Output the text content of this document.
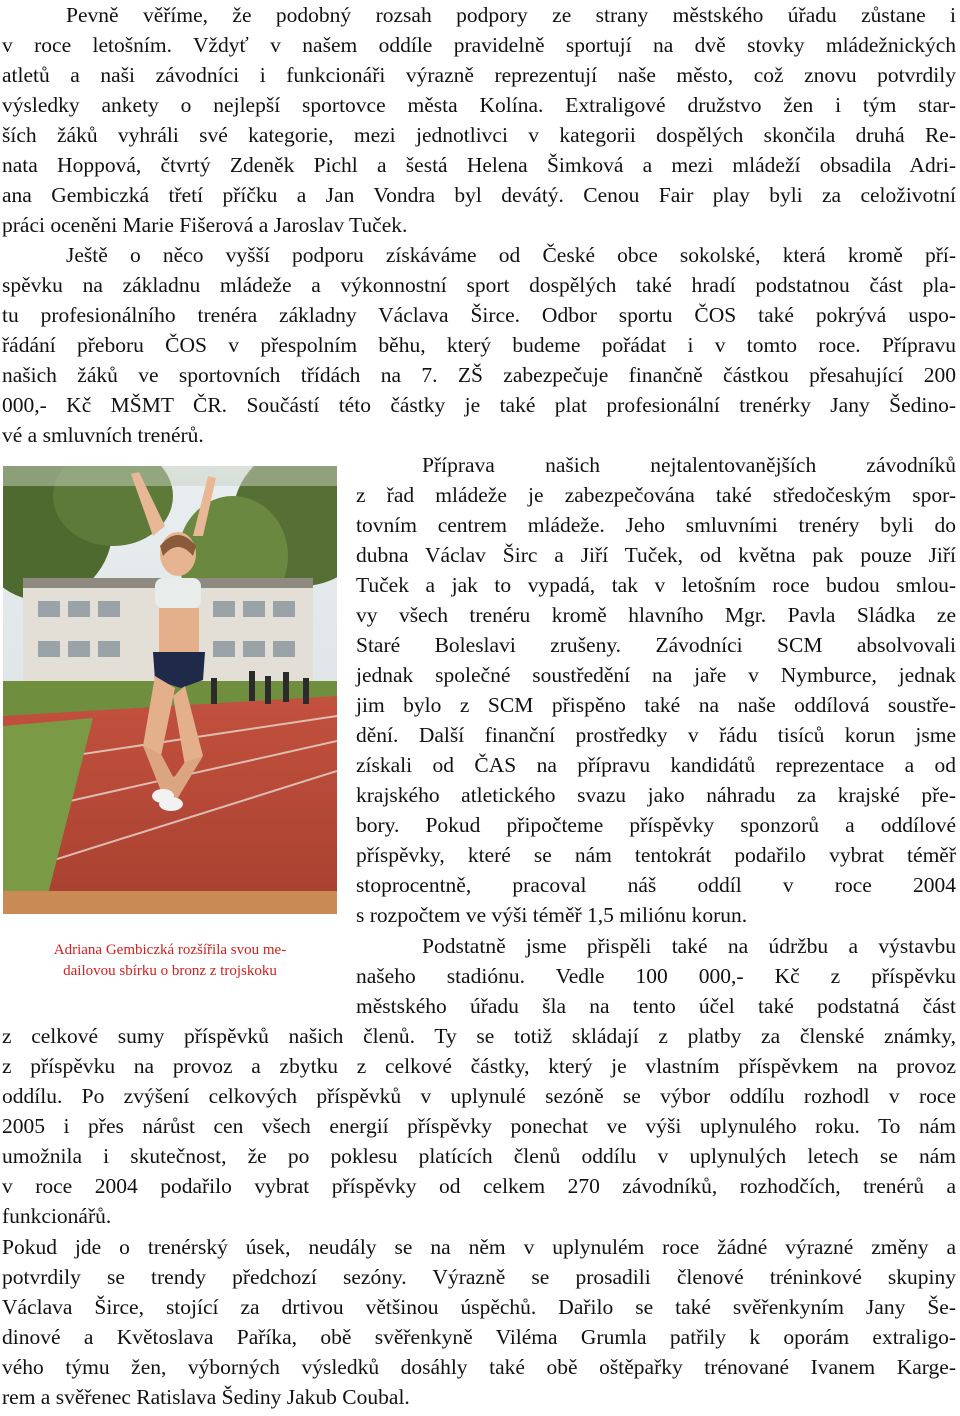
Pevně věříme, že podobný rozsah podpory ze strany městského úřadu zůstane i
v roce letošním. Vždyť v našem oddíle pravidelně sportují na dvě stovky mládežnických
atletů a naši závodníci i funkcionáři výrazně reprezentují naše město, což znovu potvrdily
výsledky ankety o nejlepší sportovce města Kolína. Extraligové družstvo žen i tým star-
ších žáků vyhráli své kategorie, mezi jednotlivci v kategorii dospělých skončila druhá Re-
nata Hoppová, čtvrtý Zdeněk Pichl a šestá Helena Šimková a mezi mládeží obsadila Adri-
ana Gembiczká třetí příčku a Jan Vondra byl devátý. Cenou Fair play byli za celoživotní
práci oceněni Marie Fišerová a Jaroslav Tuček.
Ještě o něco vyšší podporu získáváme od České obce sokolské, která kromě pří-
spěvku na základnu mládeže a výkonnostní sport dospělých také hradí podstatnou část pla-
tu profesionálního trenéra základny Václava Širce. Odbor sportu ČOS také pokrývá uspo-
řádání přeboru ČOS v přespolním běhu, který budeme pořádat i v tomto roce. Přípravu
našich žáků ve sportovních třídách na 7. ZŠ zabezpečuje finančně částkou přesahující 200
000,- Kč MŠMT ČR. Součástí této částky je také plat profesionální trenérky Jany Šedino-
vé a smluvních trenérů.
Adriana Gembiczká rozšířila svou me-
dailovou sbírku o bronz z trojskoku
Příprava našich nejtalentovanějších závodníků
z řad mládeže je zabezpečována také středočeským spor-
tovním centrem mládeže. Jeho smluvními trenéry byli do
dubna Václav Širc a Jiří Tuček, od května pak pouze Jiří
Tuček a jak to vypadá, tak v letošním roce budou smlou-
vy všech trenéru kromě hlavního Mgr. Pavla Sládka ze
Staré Boleslavi zrušeny. Závodníci SCM absolvovali
jednak společné soustředění na jaře v Nymburce, jednak
jim bylo z SCM přispěno také na naše oddílová soustře-
dění. Další finanční prostředky v řádu tisíců korun jsme
získali od ČAS na přípravu kandidátů reprezentace a od
krajského atletického svazu jako náhradu za krajské pře-
bory. Pokud připočteme příspěvky sponzorů a oddílové
příspěvky, které se nám tentokrát podařilo vybrat téměř
stoprocentně, pracoval náš oddíl v roce 2004
s rozpočtem ve výši téměř 1,5 miliónu korun.
Podstatně jsme přispěli také na údržbu a výstavbu
našeho stadiónu. Vedle 100 000,- Kč z příspěvku
městského úřadu šla na tento účel také podstatná část
z celkové sumy příspěvků našich členů. Ty se totiž skládají z platby za členské známky,
z příspěvku na provoz a zbytku z celkové částky, který je vlastním příspěvkem na provoz
oddílu. Po zvýšení celkových příspěvků v uplynulé sezóně se výbor oddílu rozhodl v roce
2005 i přes nárůst cen všech energií příspěvky ponechat ve výši uplynulého roku. To nám
umožnila i skutečnost, že po poklesu platících členů oddílu v uplynulých letech se nám
v roce 2004 podařilo vybrat příspěvky od celkem 270 závodníků, rozhodčích, trenérů a
funkcionářů.
Pokud jde o trenérský úsek, neudály se na něm v uplynulém roce žádné výrazné změny a
potvrdily se trendy předchozí sezóny. Výrazně se prosadili členové tréninkové skupiny
Václava Širce, stojící za drtivou většinou úspěchů. Dařilo se také svěřenkyním Jany Še-
dinové a Květoslava Paříka, obě svěřenkyně Viléma Grumla patřily k oporám extraligo-
vého týmu žen, výborných výsledků dosáhly také obě oštěpařky trénované Ivanem Karge-
rem a svěřenec Ratislava Šediny Jakub Coubal.
